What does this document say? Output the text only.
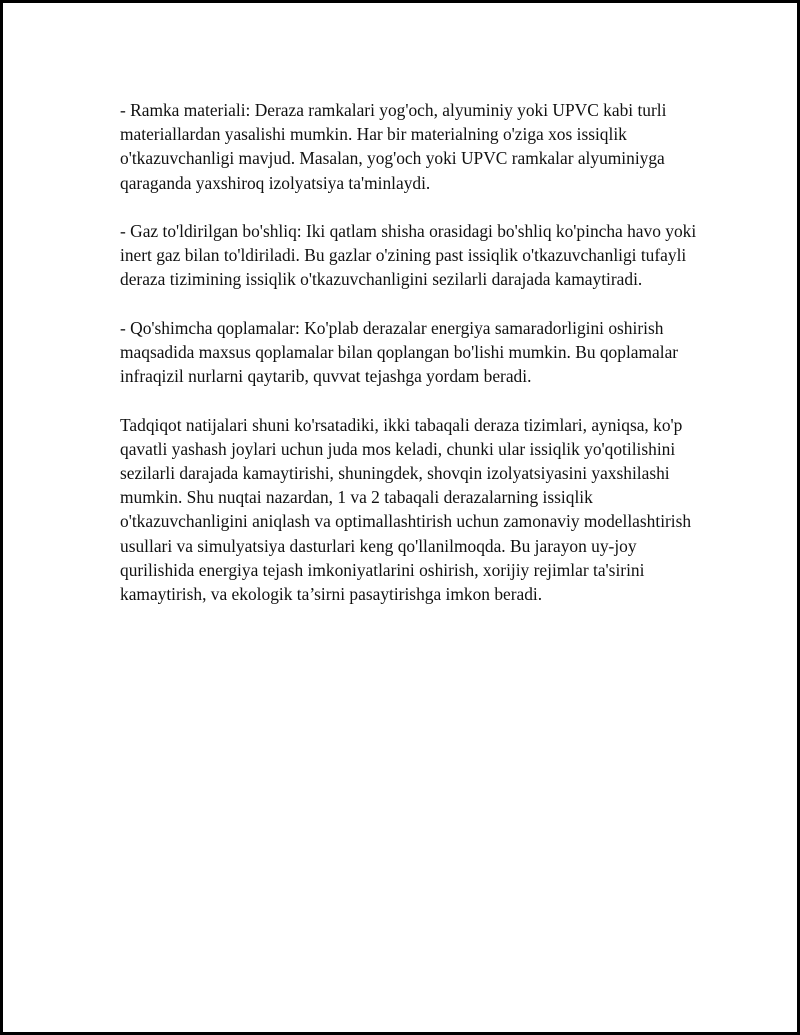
- Ramka materiali: Deraza ramkalari yog'och, alyuminiy yoki UPVC kabi turli materiallardan yasalishi mumkin. Har bir materialning o'ziga xos issiqlik o'tkazuvchanligi mavjud. Masalan, yog'och yoki UPVC ramkalar alyuminiyga qaraganda yaxshiroq izolyatsiya ta'minlaydi.

- Gaz to'ldirilgan bo'shliq: Iki qatlam shisha orasidagi bo'shliq ko'pincha havo yoki inert gaz bilan to'ldiriladi. Bu gazlar o'zining past issiqlik o'tkazuvchanligi tufayli deraza tizimining issiqlik o'tkazuvchanligini sezilarli darajada kamaytiradi.

- Qo'shimcha qoplamalar: Ko'plab derazalar energiya samaradorligini oshirish maqsadida maxsus qoplamalar bilan qoplangan bo'lishi mumkin. Bu qoplamalar infraqizil nurlarni qaytarib, quvvat tejashga yordam beradi.

Tadqiqot natijalari shuni ko'rsatadiki, ikki tabaqali deraza tizimlari, ayniqsa, ko'p qavatli yashash joylari uchun juda mos keladi, chunki ular issiqlik yo'qotilishini sezilarli darajada kamaytirishi, shuningdek, shovqin izolyatsiyasini yaxshilashi mumkin. Shu nuqtai nazardan, 1 va 2 tabaqali derazalarning issiqlik o'tkazuvchanligini aniqlash va optimallashtirish uchun zamonaviy modellashtirish usullari va simulyatsiya dasturlari keng qo'llanilmoqda. Bu jarayon uy-joy qurilishida energiya tejash imkoniyatlarini oshirish, xorijiy rejimlar ta'sirini kamaytirish, va ekologik ta’sirni pasaytirishga imkon beradi.
